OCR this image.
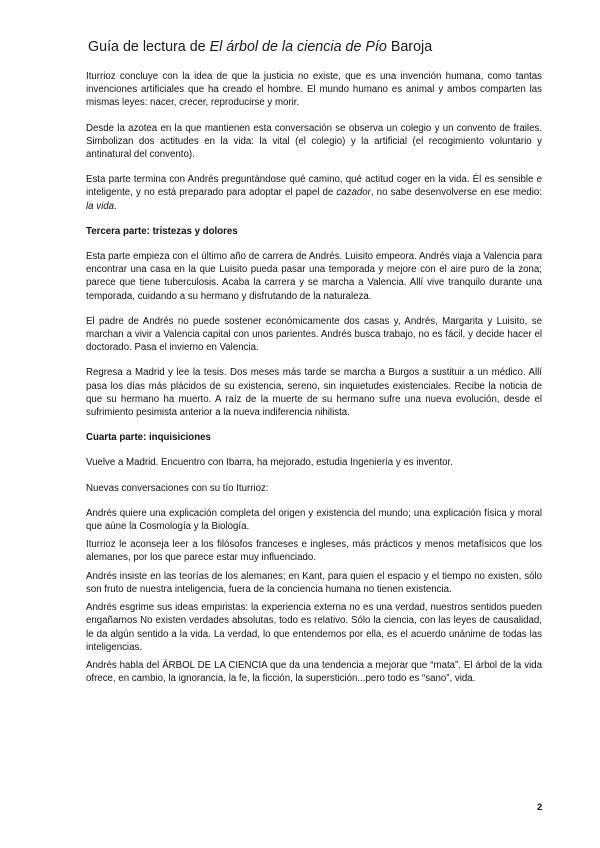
Guía de lectura de El árbol de la ciencia de Pío Baroja

Iturrioz concluye con la idea de que la justicia no existe, que es una invención humana, como tantas invenciones artificiales que ha creado el hombre. El mundo humano es animal y ambos comparten las mismas leyes: nacer, crecer, reproducirse y morir.

Desde la azotea en la que mantienen esta conversación se observa un colegio y un convento de frailes. Simbolizan dos actitudes en la vida: la vital (el colegio) y la artificial (el recogimiento voluntario y antinatural del convento).

Esta parte termina con Andrés preguntándose qué camino, qué actitud coger en la vida. Él es sensible e inteligente, y no está preparado para adoptar el papel de cazador, no sabe desenvolverse en ese medio: la vida.

Tercera parte: tristezas y dolores

Esta parte empieza con el último año de carrera de Andrés. Luisito empeora. Andrés viaja a Valencia para encontrar una casa en la que Luisito pueda pasar una temporada y mejore con el aire puro de la zona; parece que tiene tuberculosis. Acaba la carrera y se marcha a Valencia. Allí vive tranquilo durante una temporada, cuidando a su hermano y disfrutando de la naturaleza.

El padre de Andrés no puede sostener económicamente dos casas y, Andrés, Margarita y Luisito, se marchan a vivir a Valencia capital con unos parientes. Andrés busca trabajo, no es fácil, y decide hacer el doctorado. Pasa el invierno en Valencia.

Regresa a Madrid y lee la tesis. Dos meses más tarde se marcha a Burgos a sustituir a un médico. Allí pasa los días más plácidos de su existencia, sereno, sin inquietudes existenciales. Recibe la noticia de que su hermano ha muerto. A raíz de la muerte de su hermano sufre una nueva evolución, desde el sufrimiento pesimista anterior a la nueva indiferencia nihilista.

Cuarta parte: inquisiciones

Vuelve a Madrid. Encuentro con Ibarra, ha mejorado, estudia Ingeniería y es inventor.

Nuevas conversaciones con su tío Iturrioz:

Andrés quiere una explicación completa del origen y existencia del mundo; una explicación física y moral que aúne la Cosmología y la Biología.

Iturrioz le aconseja leer a los filósofos franceses e ingleses, más prácticos y menos metafísicos que los alemanes, por los que parece estar muy influenciado.

Andrés insiste en las teorías de los alemanes; en Kant, para quien el espacio y el tiempo no existen, sólo son fruto de nuestra inteligencia, fuera de la conciencia humana no tienen existencia.

Andrés esgrime sus ideas empiristas: la experiencia externa no es una verdad, nuestros sentidos pueden engañarnos No existen verdades absolutas, todo es relativo. Sólo la ciencia, con las leyes de causalidad, le da algún sentido a la vida. La verdad, lo que entendemos por ella, es el acuerdo unánime de todas las inteligencias.

Andrés habla del ÁRBOL DE LA CIENCIA que da una tendencia a mejorar que “mata”. El árbol de la vida ofrece, en cambio, la ignorancia, la fe, la ficción, la superstición...pero todo es “sano”, vida.

2
